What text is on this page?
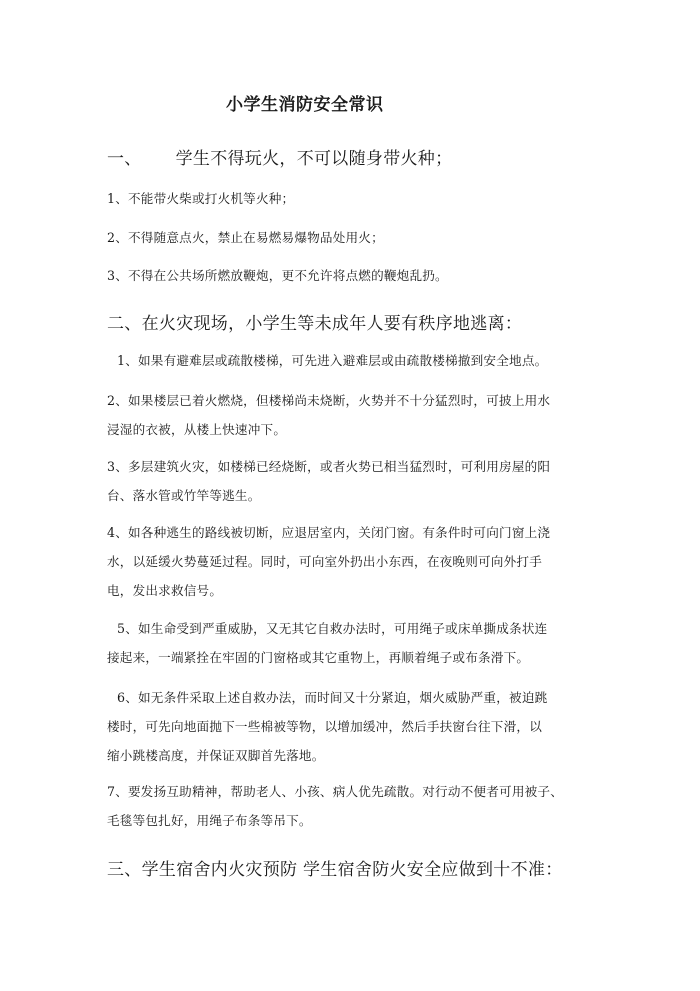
小学生消防安全常识
一、 学生不得玩火，不可以随身带火种；
1、不能带火柴或打火机等火种；
2、不得随意点火，禁止在易燃易爆物品处用火；
3、不得在公共场所燃放鞭炮，更不允许将点燃的鞭炮乱扔。
二、在火灾现场，小学生等未成年人要有秩序地逃离：
1、如果有避难层或疏散楼梯，可先进入避难层或由疏散楼梯撤到安全地点。
2、如果楼层已着火燃烧，但楼梯尚未烧断，火势并不十分猛烈时，可披上用水
浸湿的衣被，从楼上快速冲下。
3、多层建筑火灾，如楼梯已经烧断，或者火势已相当猛烈时，可利用房屋的阳
台、落水管或竹竿等逃生。
4、如各种逃生的路线被切断，应退居室内，关闭门窗。有条件时可向门窗上浇
水，以延缓火势蔓延过程。同时，可向室外扔出小东西，在夜晚则可向外打手
电，发出求救信号。
5、如生命受到严重威胁，又无其它自救办法时，可用绳子或床单撕成条状连
接起来，一端紧拴在牢固的门窗格或其它重物上，再顺着绳子或布条滑下。
6、如无条件采取上述自救办法，而时间又十分紧迫，烟火威胁严重，被迫跳
楼时，可先向地面抛下一些棉被等物，以增加缓冲，然后手扶窗台往下滑，以
缩小跳楼高度，并保证双脚首先落地。
7、要发扬互助精神，帮助老人、小孩、病人优先疏散。对行动不便者可用被子、
毛毯等包扎好，用绳子布条等吊下。
三、学生宿舍内火灾预防 学生宿舍防火安全应做到十不准：
